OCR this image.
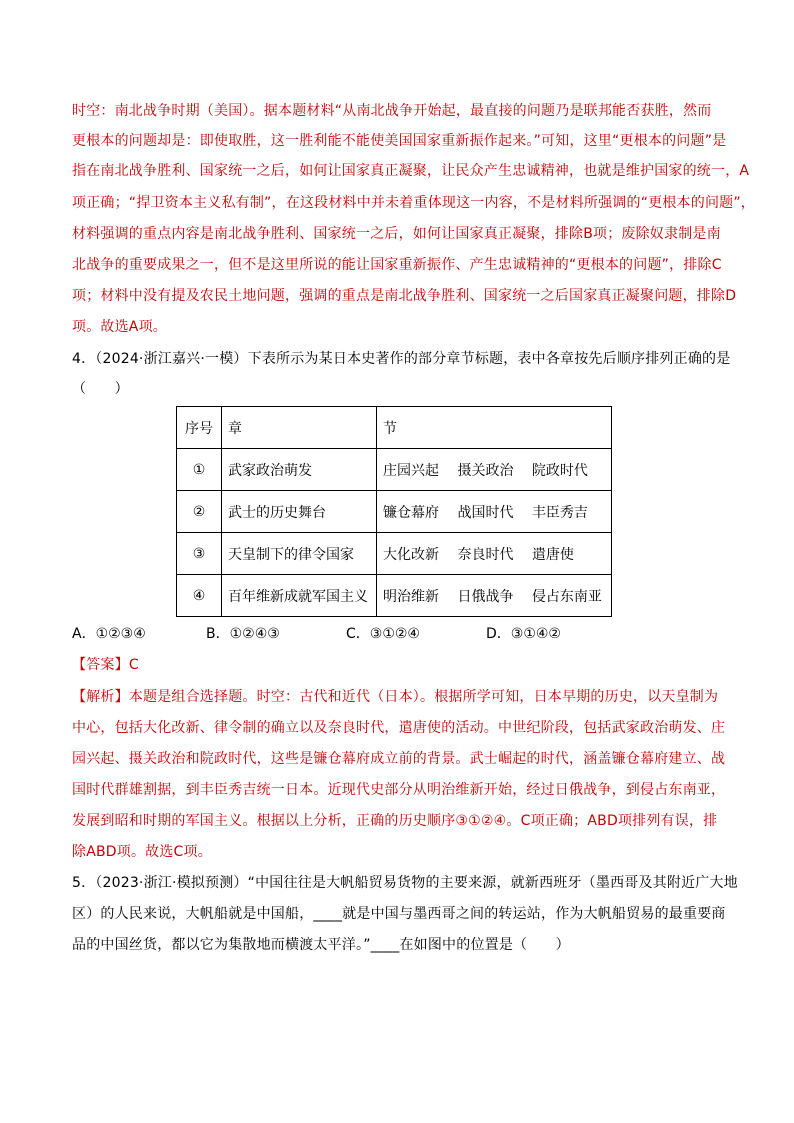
时空：南北战争时期（美国）。据本题材料“从南北战争开始起，最直接的问题乃是联邦能否获胜，然而
更根本的问题却是：即使取胜，这一胜利能不能使美国国家重新振作起来。”可知，这里“更根本的问题”是
指在南北战争胜利、国家统一之后，如何让国家真正凝聚，让民众产生忠诚精神，也就是维护国家的统一，A
项正确；“捍卫资本主义私有制”，在这段材料中并未着重体现这一内容，不是材料所强调的“更根本的问题”，
材料强调的重点内容是南北战争胜利、国家统一之后，如何让国家真正凝聚，排除B项；废除奴隶制是南
北战争的重要成果之一，但不是这里所说的能让国家重新振作、产生忠诚精神的“更根本的问题”，排除C
项；材料中没有提及农民土地问题，强调的重点是南北战争胜利、国家统一之后国家真正凝聚问题，排除D
项。故选A项。
4．（2024·浙江嘉兴·一模）下表所示为某日本史著作的部分章节标题，表中各章按先后顺序排列正确的是
（　　）
序号	章	节
①	武家政治萌发	庄园兴起　 摄关政治　 院政时代
②	武士的历史舞台	镰仓幕府　 战国时代　 丰臣秀吉
③	天皇制下的律令国家	大化改新　 奈良时代　 遣唐使
④	百年维新成就军国主义	明治维新　 日俄战争　 侵占东南亚
A．①②③④	B．①②④③	C．③①②④	D．③①④②
【答案】C
【解析】本题是组合选择题。时空：古代和近代（日本）。根据所学可知，日本早期的历史，以天皇制为
中心，包括大化改新、律令制的确立以及奈良时代，遣唐使的活动。中世纪阶段，包括武家政治萌发、庄
园兴起、摄关政治和院政时代，这些是镰仓幕府成立前的背景。武士崛起的时代，涵盖镰仓幕府建立、战
国时代群雄割据，到丰臣秀吉统一日本。近现代史部分从明治维新开始，经过日俄战争，到侵占东南亚，
发展到昭和时期的军国主义。根据以上分析，正确的历史顺序③①②④。C项正确；ABD项排列有误，排
除ABD项。故选C项。
5．（2023·浙江·模拟预测）“中国往往是大帆船贸易货物的主要来源，就新西班牙（墨西哥及其附近广大地
区）的人民来说，大帆船就是中国船，____就是中国与墨西哥之间的转运站，作为大帆船贸易的最重要商
品的中国丝货，都以它为集散地而横渡太平洋。”____在如图中的位置是（　　）
